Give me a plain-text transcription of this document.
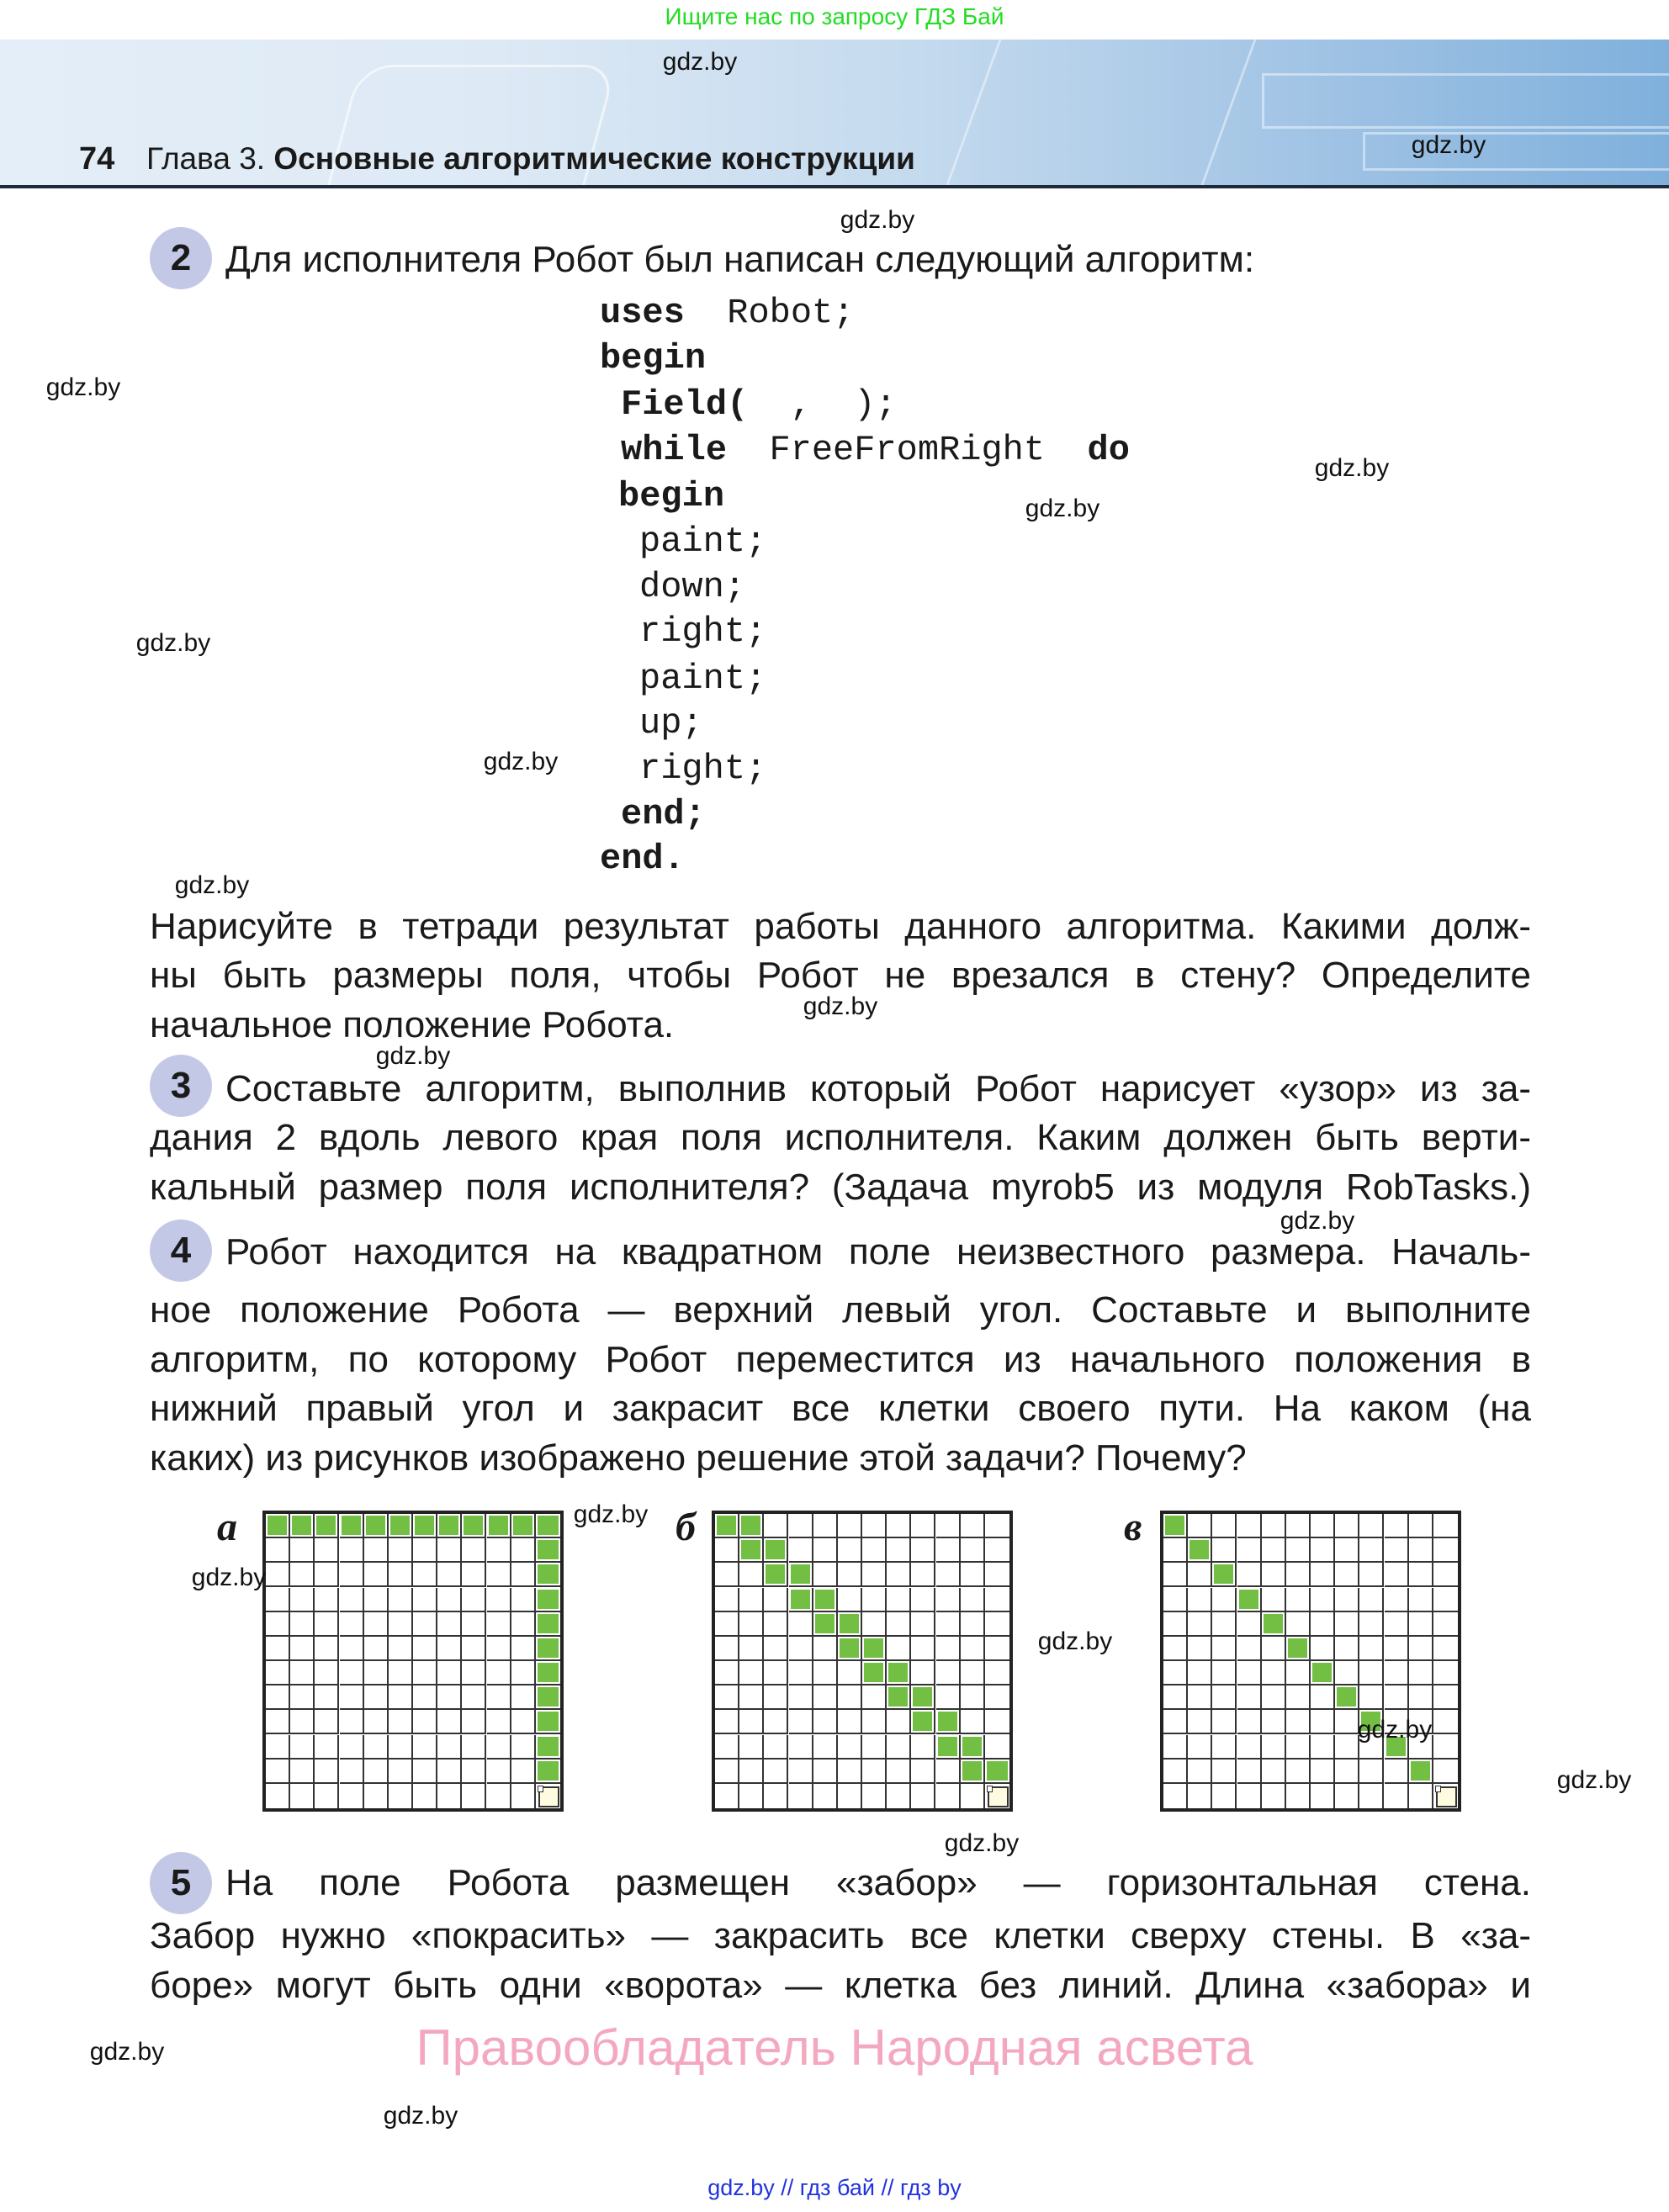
Ищите нас по запросу ГДЗ Бай
74 Глава 3. Основные алгоритмические конструкции
2 Для исполнителя Робот был написан следующий алгоритм:
uses  Robot;
begin
Field(  ,  );
while  FreeFromRight  do
begin
paint;
down;
right;
paint;
up;
right;
end;
end.
Нарисуйте в тетради результат работы данного алгоритма. Какими долж-
ны быть размеры поля, чтобы Робот не врезался в стену? Определите
начальное положение Робота.
3 Составьте алгоритм, выполнив который Робот нарисует «узор» из за-
дания 2 вдоль левого края поля исполнителя. Каким должен быть верти-
кальный размер поля исполнителя? (Задача myrob5 из модуля RobTasks.)
4 Робот находится на квадратном поле неизвестного размера. Началь-
ное положение Робота — верхний левый угол. Составьте и выполните
алгоритм, по которому Робот переместится из начального положения в
нижний правый угол и закрасит все клетки своего пути. На каком (на
каких) из рисунков изображено решение этой задачи? Почему?
а	б	в
5 На поле Робота размещен «забор» — горизонтальная стена.
Забор нужно «покрасить» — закрасить все клетки сверху стены. В «за-
боре» могут быть одни «ворота» — клетка без линий. Длина «забора» и
Правообладатель Народная асвета
gdz.by // гдз бай // гдз by
gdz.by
gdz.by
gdz.by
gdz.by
gdz.by
gdz.by
gdz.by
gdz.by
gdz.by
gdz.by
gdz.by
gdz.by
gdz.by
gdz.by
gdz.by
gdz.by
gdz.by
gdz.by
gdz.by
gdz.by
